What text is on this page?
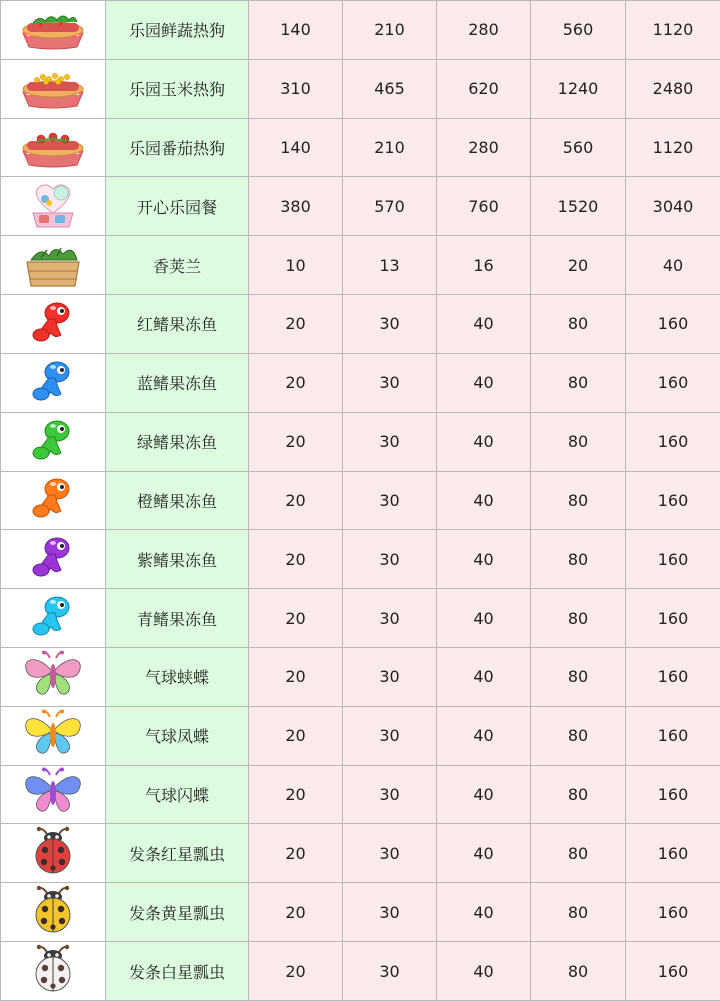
	乐园鲜蔬热狗	140	210	280	560	1120

	乐园玉米热狗	310	465	620	1240	2480

	乐园番茄热狗	140	210	280	560	1120

	开心乐园餐	380	570	760	1520	3040

	香荚兰	10	13	16	20	40

	红鳍果冻鱼	20	30	40	80	160

	蓝鳍果冻鱼	20	30	40	80	160

	绿鳍果冻鱼	20	30	40	80	160

	橙鳍果冻鱼	20	30	40	80	160

	紫鳍果冻鱼	20	30	40	80	160

	青鳍果冻鱼	20	30	40	80	160

	气球蛱蝶	20	30	40	80	160

	气球凤蝶	20	30	40	80	160

	气球闪蝶	20	30	40	80	160

	发条红星瓢虫	20	30	40	80	160

	发条黄星瓢虫	20	30	40	80	160

	发条白星瓢虫	20	30	40	80	160
